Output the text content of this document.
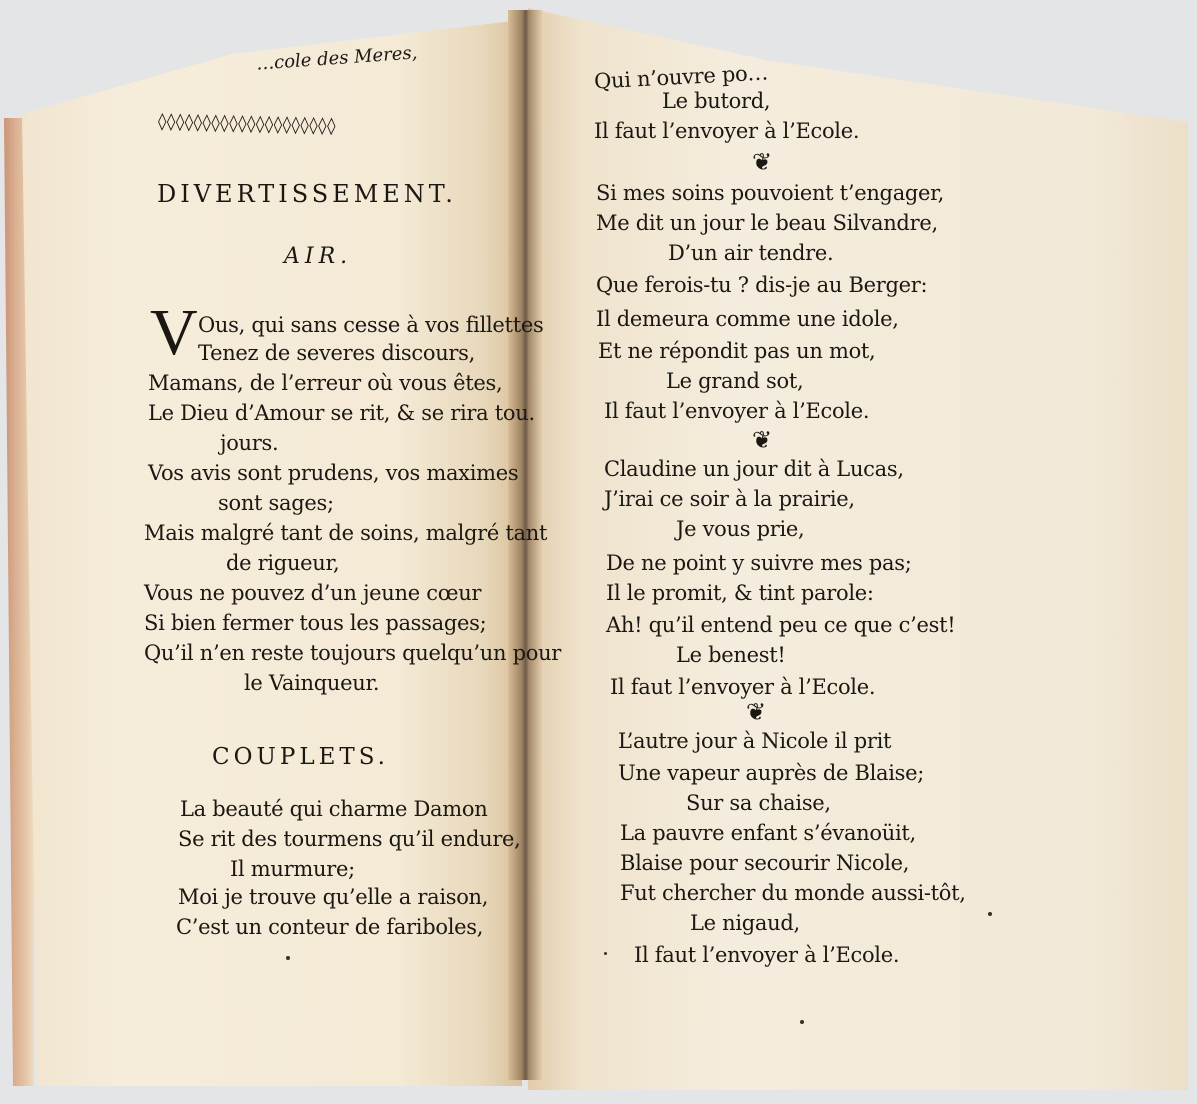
…cole des Meres,
◊◊◊◊◊◊◊◊◊◊◊◊◊◊◊◊◊◊◊◊
DIVERTISSEMENT.
AIR.
V Ous, qui sans cesse à vos fillettes
Tenez de severes discours,
Mamans, de l’erreur où vous êtes,
Le Dieu d’Amour se rit, & se rira tou.
jours.
Vos avis sont prudens, vos maximes
sont sages;
Mais malgré tant de soins, malgré tant
de rigueur,
Vous ne pouvez d’un jeune cœur
Si bien fermer tous les passages;
Qu’il n’en reste toujours quelqu’un pour
le Vainqueur.
COUPLETS.
La beauté qui charme Damon
Se rit des tourmens qu’il endure,
Il murmure;
Moi je trouve qu’elle a raison,
C’est un conteur de fariboles,
Qui n’ouvre po…
Le butord,
Il faut l’envoyer à l’Ecole.
❦
Si mes soins pouvoient t’engager,
Me dit un jour le beau Silvandre,
D’un air tendre.
Que ferois-tu ? dis-je au Berger:
Il demeura comme une idole,
Et ne répondit pas un mot,
Le grand sot,
Il faut l’envoyer à l’Ecole.
❦
Claudine un jour dit à Lucas,
J’irai ce soir à la prairie,
Je vous prie,
De ne point y suivre mes pas;
Il le promit, & tint parole:
Ah! qu’il entend peu ce que c’est!
Le benest!
Il faut l’envoyer à l’Ecole.
❦
L’autre jour à Nicole il prit
Une vapeur auprès de Blaise;
Sur sa chaise,
La pauvre enfant s’évanoüit,
Blaise pour secourir Nicole,
Fut chercher du monde aussi-tôt,
Le nigaud,
Il faut l’envoyer à l’Ecole.
